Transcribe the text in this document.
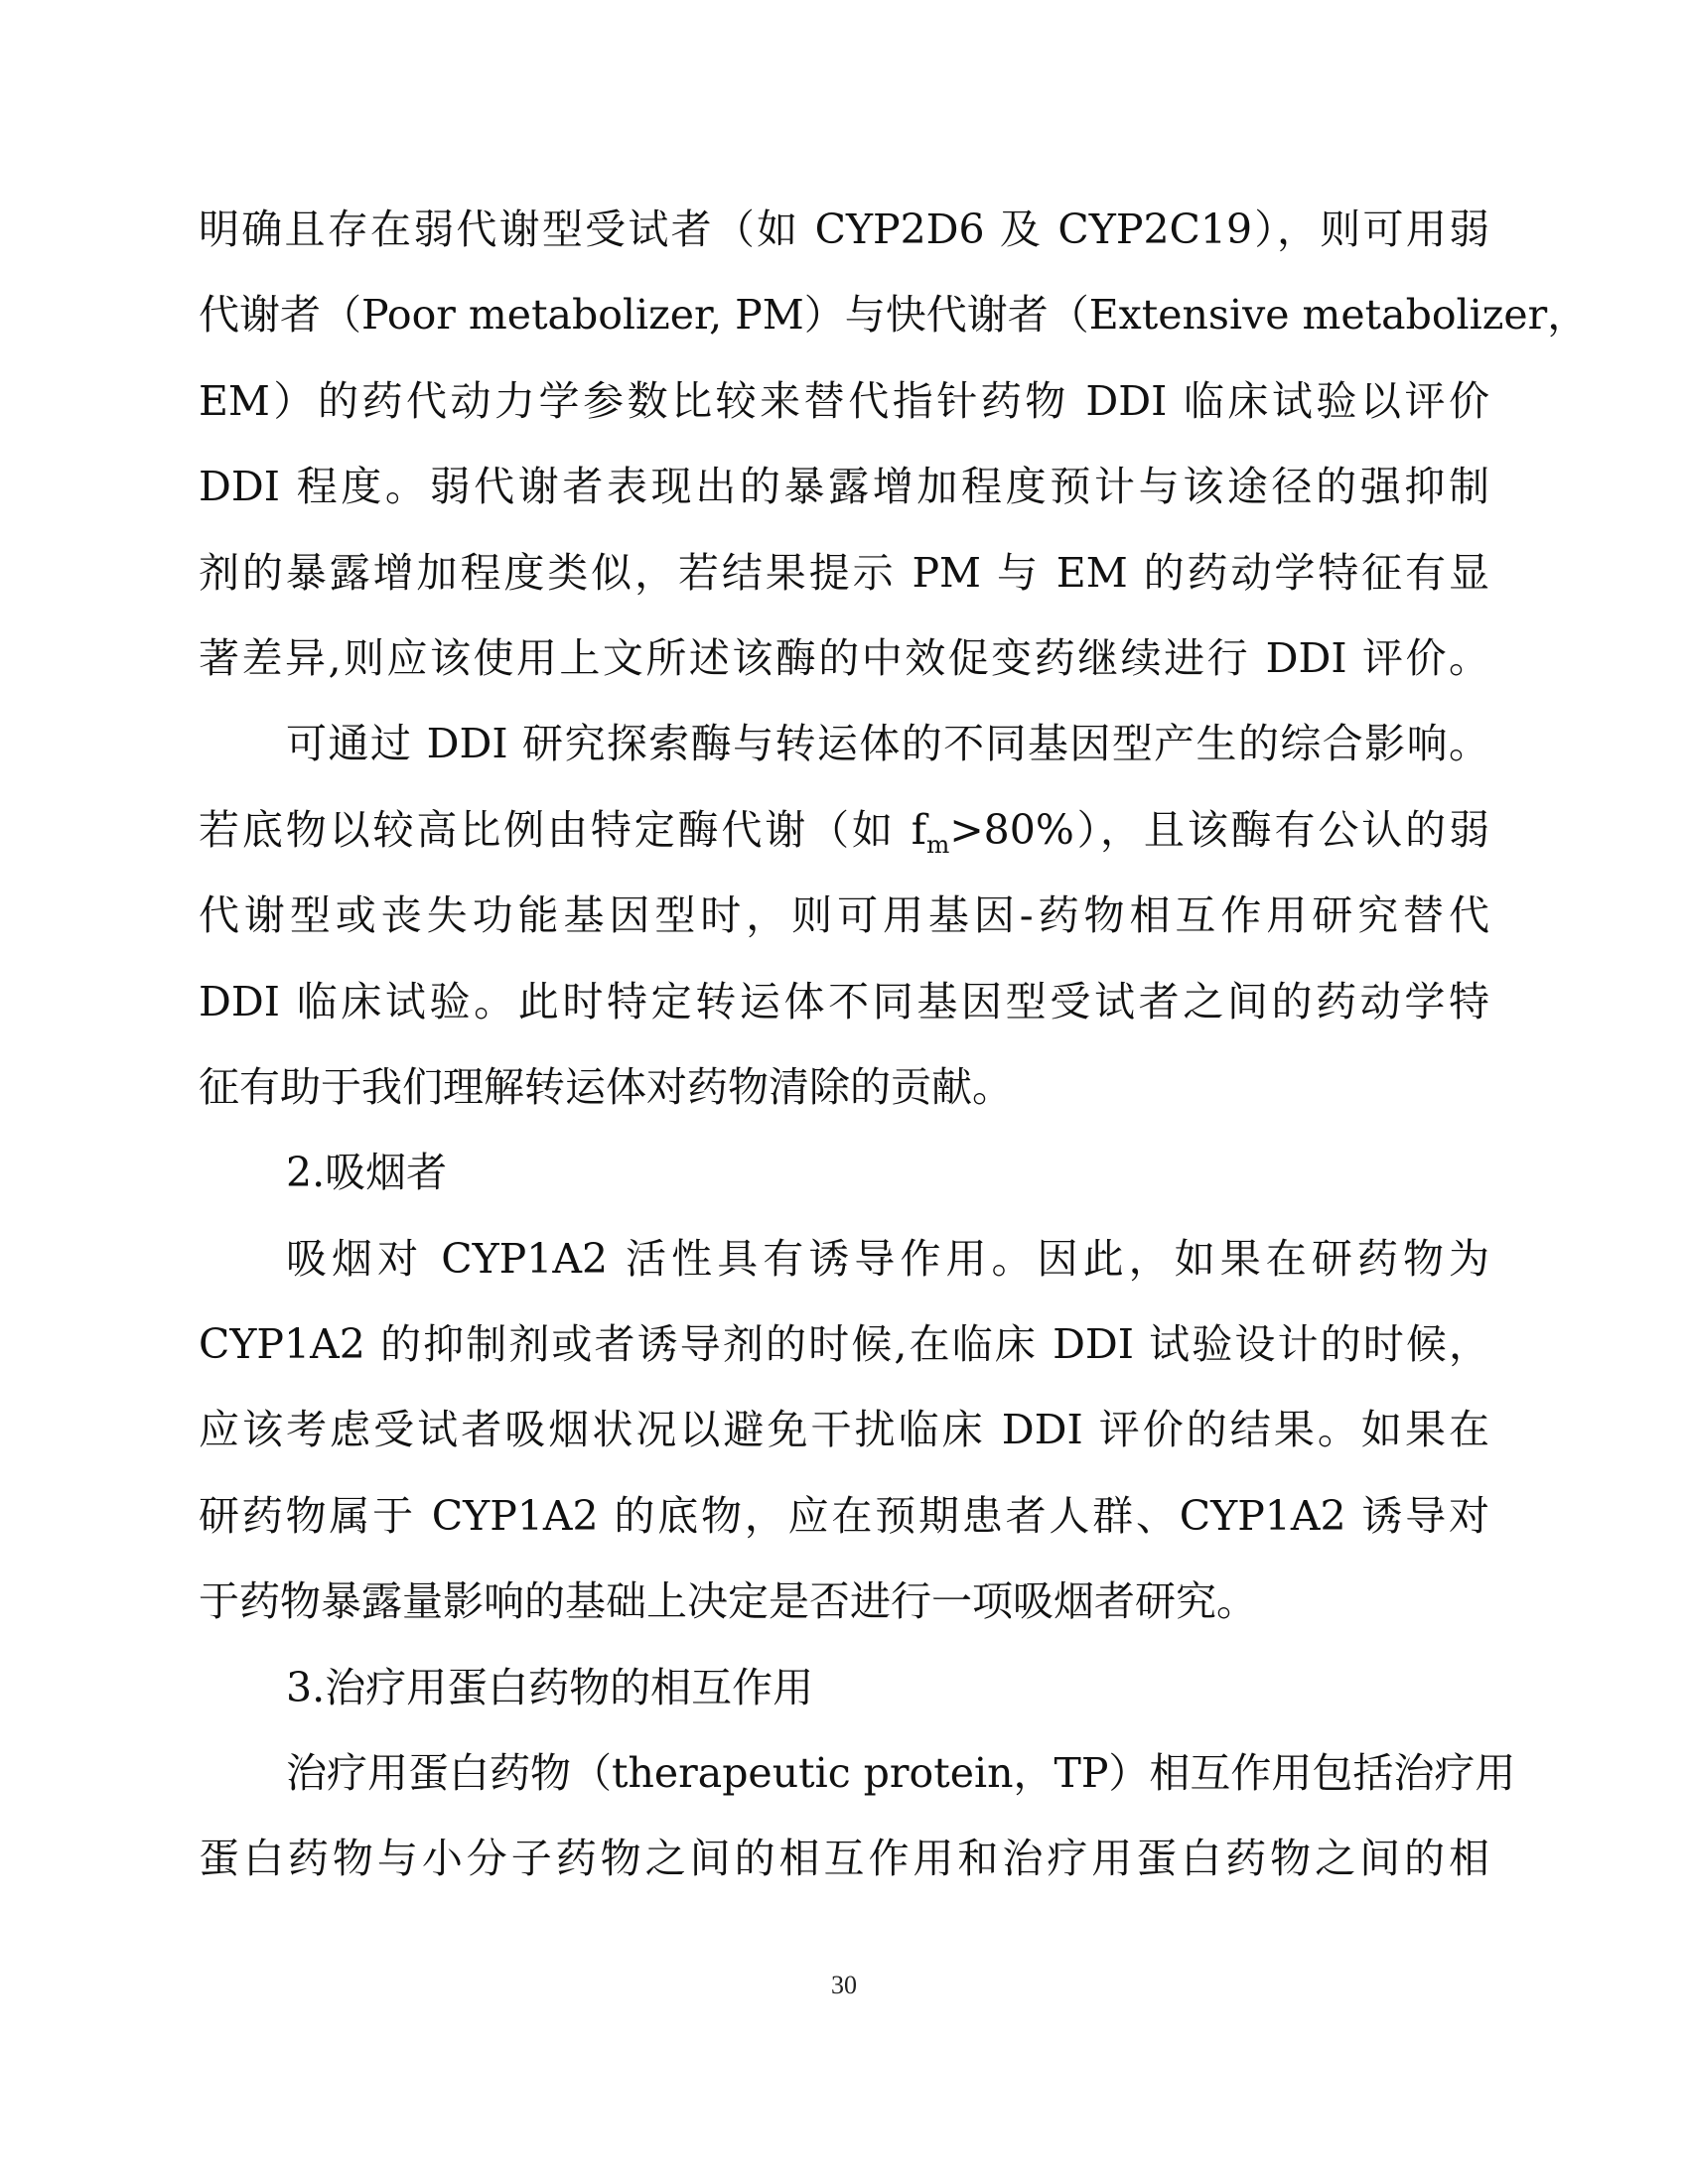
明确且存在弱代谢型受试者（如 CYP2D6 及 CYP2C19），则可用弱
代谢者（Poor metabolizer, PM）与快代谢者（Extensive metabolizer，
EM）的药代动力学参数比较来替代指针药物 DDI 临床试验以评价
DDI 程度。弱代谢者表现出的暴露增加程度预计与该途径的强抑制
剂的暴露增加程度类似，若结果提示 PM 与 EM 的药动学特征有显
著差异,则应该使用上文所述该酶的中效促变药继续进行 DDI 评价。
可通过 DDI 研究探索酶与转运体的不同基因型产生的综合影响。
若底物以较高比例由特定酶代谢（如 $f_m>80\%$），且该酶有公认的弱
代谢型或丧失功能基因型时，则可用基因-药物相互作用研究替代
DDI 临床试验。此时特定转运体不同基因型受试者之间的药动学特
征有助于我们理解转运体对药物清除的贡献。
2.吸烟者
吸烟对 CYP1A2 活性具有诱导作用。因此，如果在研药物为
CYP1A2 的抑制剂或者诱导剂的时候,在临床 DDI 试验设计的时候，
应该考虑受试者吸烟状况以避免干扰临床 DDI 评价的结果。如果在
研药物属于 CYP1A2 的底物，应在预期患者人群、CYP1A2 诱导对
于药物暴露量影响的基础上决定是否进行一项吸烟者研究。
3.治疗用蛋白药物的相互作用
治疗用蛋白药物（therapeutic protein，TP）相互作用包括治疗用
蛋白药物与小分子药物之间的相互作用和治疗用蛋白药物之间的相
30
